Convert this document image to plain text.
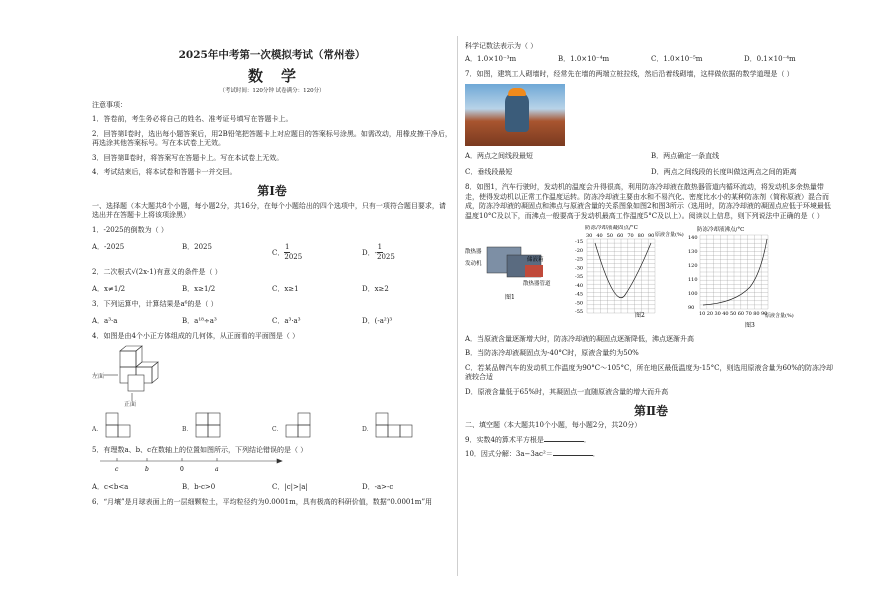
2025年中考第一次模拟考试（常州卷）
数学
（考试时间：120分钟 试卷满分：120分）
注意事项：
1．答卷前，考生务必将自己的姓名、准考证号填写在答题卡上。
2．回答第Ⅰ卷时，选出每小题答案后，用2B铅笔把答题卡上对应题目的答案标号涂黑。如需改动，用橡皮擦干净后，再选涂其他答案标号。写在本试卷上无效。
3．回答第Ⅱ卷时，将答案写在答题卡上。写在本试卷上无效。
4．考试结束后，将本试卷和答题卡一并交回。
第Ⅰ卷
一、选择题（本大题共8个小题，每小题2分，共16分，在每个小题给出的四个选项中，只有一项符合题目要求，请选出并在答题卡上将该项涂黑）
1．-2025的倒数为（ ）
A．-2025	B．2025
C． $\frac{1}{2025}$	D．- $\frac{1}{2025}$
2．二次根式√(2x-1)有意义的条件是（ ）
A．x≠1/2	B．x≥1/2	C．x≥1	D．x≥2
3．下列运算中，计算结果是a⁶的是（ ）
A．a³·a	B．a¹⁸÷a³	C．a³·a³	D．(-a²)³
4．如图是由4个小正方体组成的几何体，从正面看的平面图是（ ）
左面
正面
A．	B．	C．	D．
5．有理数a、b、c在数轴上的位置如图所示，下列结论错误的是（ ）
c	b	0	a
A．c<b<a	B．b-c>0	C．|c|>|a|	D．-a>-c
6．“月壤”是月球表面上的一层细颗粒土，平均粒径约为0.0001m，具有极高的科研价值，数据“0.0001m”用
科学记数法表示为（ ）
A．1.0×10⁻³m	B．1.0×10⁻⁴m	C．1.0×10⁻⁵m	D．0.1×10⁻⁴m
7．如图，建筑工人砌墙时，经常先在墙的两端立桩拉线，然后沿着线砌墙，这样做依据的数学道理是（ ）
A．两点之间线段最短	B．两点确定一条直线
C．垂线段最短	D．两点之间线段的长度叫做这两点之间的距离
8．如图1，汽车行驶时，发动机的温度会升得很高，利用防冻冷却液在散热器管道内循环流动，将发动机多余热量带走，使得发动机以正常工作温度运转。防冻冷却液主要由水和不易汽化、密度比水小的某种防冻剂（简称原液）混合而成，防冻冷却液的凝固点和沸点与原液含量的关系图象如图2和图3所示（选用时，防冻冷却液的凝固点应低于环境最低温度10°C及以下，而沸点一般要高于发动机最高工作温度5°C及以上）。阅读以上信息，则下列说法中正确的是（ ）
散热器
发动机
储液箱
散热器管道
图1
防冻冷却液凝固点/°C
原液含量(%)
图2
30 40 50 60 70 80 90
-15
-20
-25
-30
-35
-40
-45
-50
-55
防冻冷却液沸点/°C
原液含量(%)
图3
10 20 30 40 50 60 70 80 90
140
130
120
110
100
90
A．当原液含量逐渐增大时，防冻冷却液的凝固点逐渐降低，沸点逐渐升高
B．当防冻冷却液凝固点为-40°C时，原液含量约为50%
C．若某品牌汽车的发动机工作温度为90°C～105°C，所在地区最低温度为-15°C，则选用原液含量为60%的防冻冷却液较合适
D．原液含量低于65%时，其凝固点一直随原液含量的增大而升高
第Ⅱ卷
二、填空题（本大题共10个小题，每小题2分，共20分）
9．实数4的算术平方根是	．
10．因式分解：3a−3ac²＝	．
